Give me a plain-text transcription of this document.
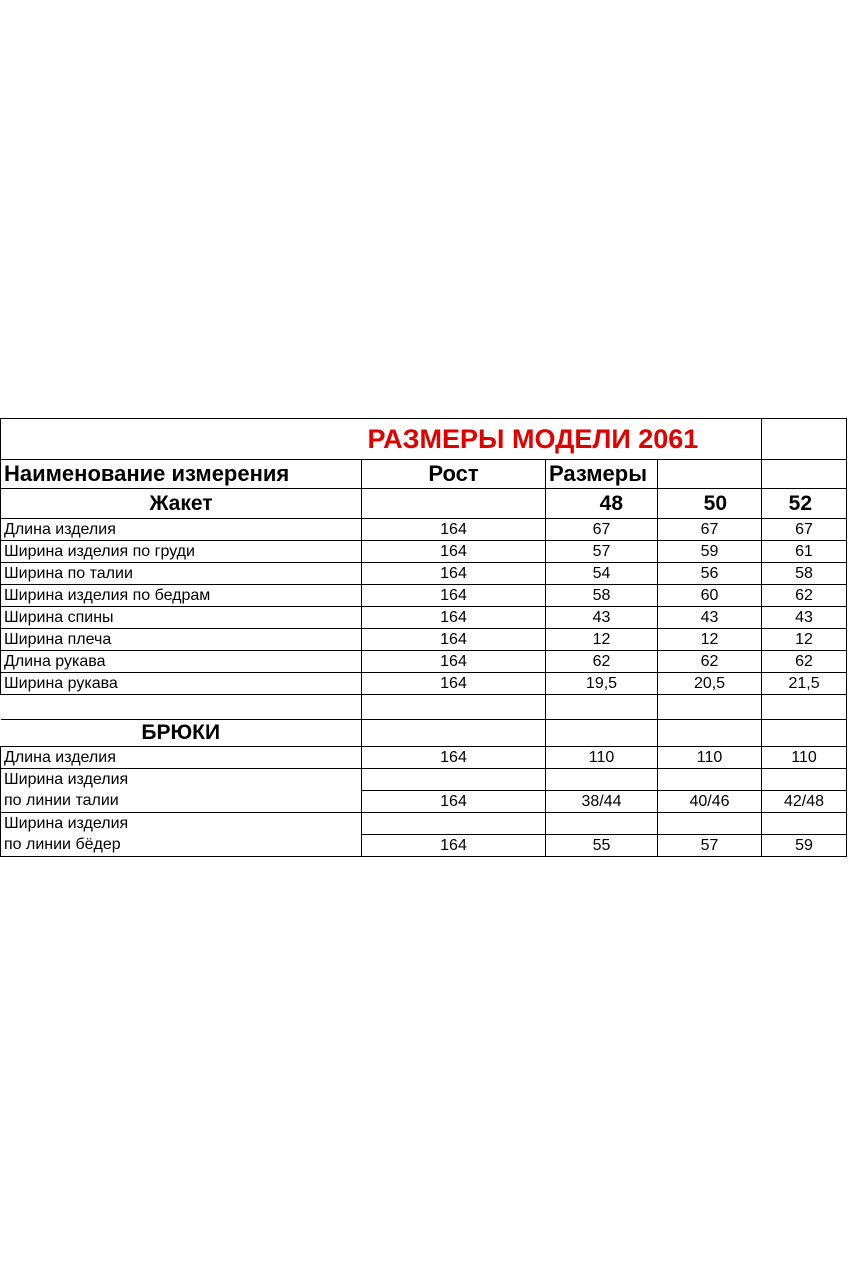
	РАЗМЕРЫ МОДЕЛИ 2061			
Наименование измерения	Рост	Размеры		
Жакет		48	50	52
Длина изделия	164	67	67	67
Ширина изделия по груди	164	57	59	61
Ширина по талии	164	54	56	58
Ширина изделия по бедрам	164	58	60	62
Ширина спины	164	43	43	43
Ширина плеча	164	12	12	12
Длина рукава	164	62	62	62
Ширина рукава	164	19,5	20,5	21,5

БРЮКИ				
Длина изделия	164	110	110	110
Ширина изделия				
по линии талии	164	38/44	40/46	42/48
Ширина изделия				
по линии бёдер	164	55	57	59
